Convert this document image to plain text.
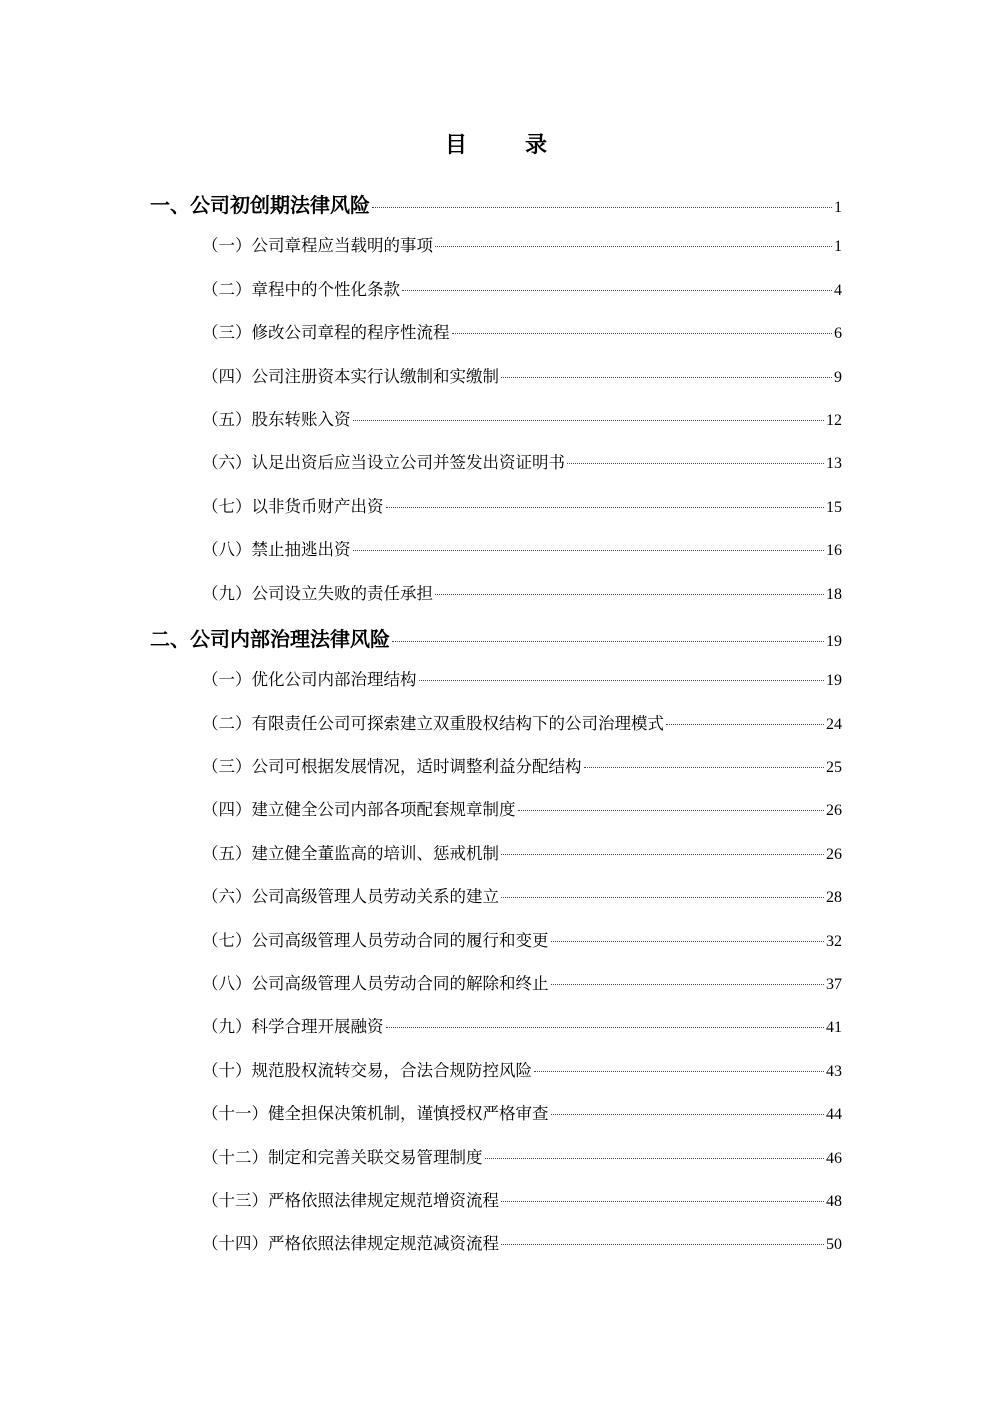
目　录
一、公司初创期法律风险	1
（一）公司章程应当载明的事项	1
（二）章程中的个性化条款	4
（三）修改公司章程的程序性流程	6
（四）公司注册资本实行认缴制和实缴制	9
（五）股东转账入资	12
（六）认足出资后应当设立公司并签发出资证明书	13
（七）以非货币财产出资	15
（八）禁止抽逃出资	16
（九）公司设立失败的责任承担	18
二、公司内部治理法律风险	19
（一）优化公司内部治理结构	19
（二）有限责任公司可探索建立双重股权结构下的公司治理模式	24
（三）公司可根据发展情况，适时调整利益分配结构	25
（四）建立健全公司内部各项配套规章制度	26
（五）建立健全董监高的培训、惩戒机制	26
（六）公司高级管理人员劳动关系的建立	28
（七）公司高级管理人员劳动合同的履行和变更	32
（八）公司高级管理人员劳动合同的解除和终止	37
（九）科学合理开展融资	41
（十）规范股权流转交易，合法合规防控风险	43
（十一）健全担保决策机制，谨慎授权严格审查	44
（十二）制定和完善关联交易管理制度	46
（十三）严格依照法律规定规范增资流程	48
（十四）严格依照法律规定规范减资流程	50
